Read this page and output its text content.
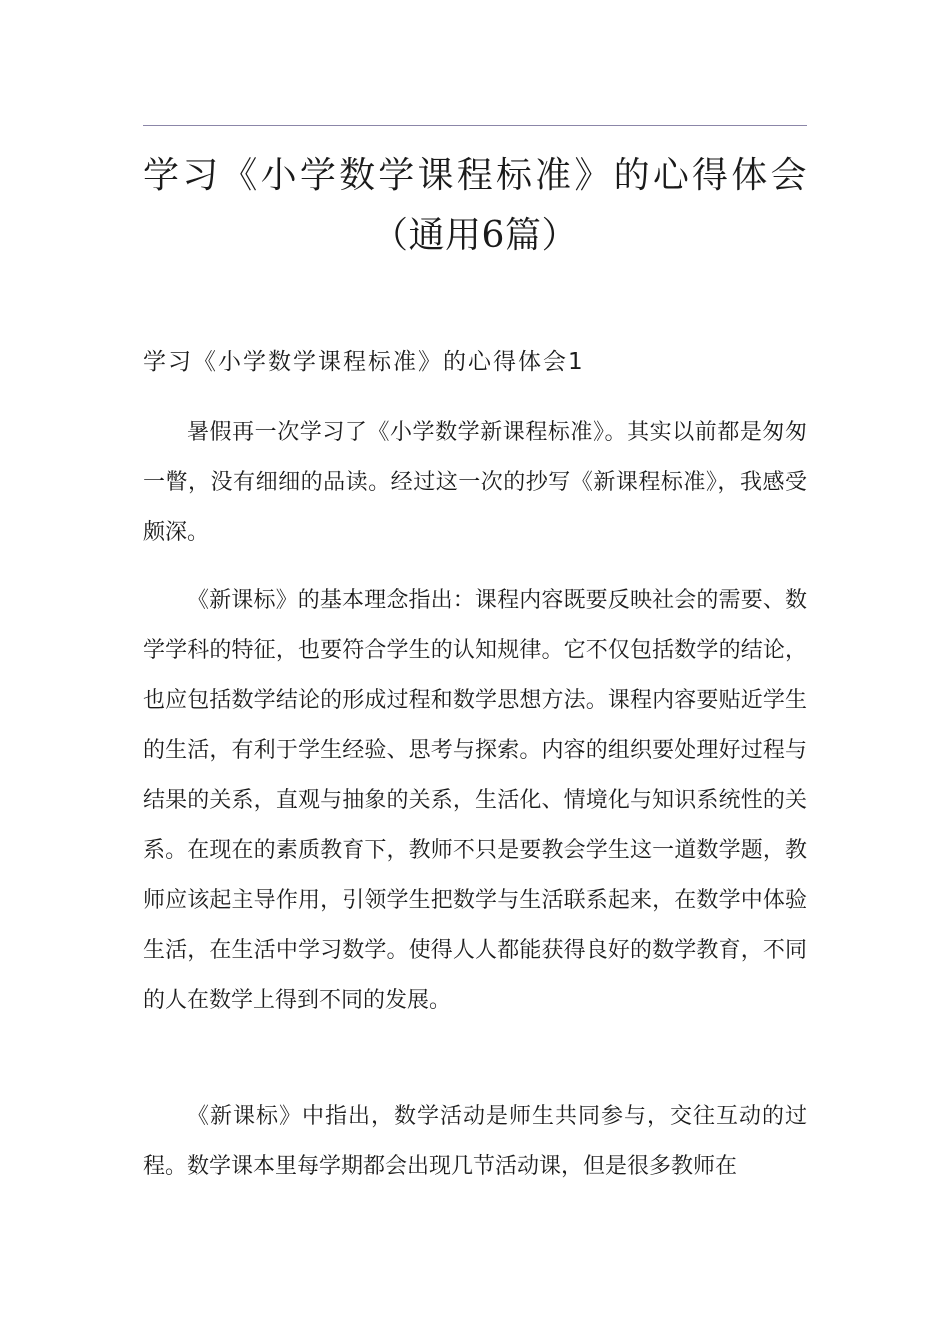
学习《小学数学课程标准》的心得体会（通用6篇）
学习《小学数学课程标准》的心得体会1

暑假再一次学习了《小学数学新课程标准》。其实以前都是匆匆一瞥，没有细细的品读。经过这一次的抄写《新课程标准》，我感受颇深。

《新课标》的基本理念指出：课程内容既要反映社会的需要、数学学科的特征，也要符合学生的认知规律。它不仅包括数学的结论，也应包括数学结论的形成过程和数学思想方法。课程内容要贴近学生的生活，有利于学生经验、思考与探索。内容的组织要处理好过程与结果的关系，直观与抽象的关系，生活化、情境化与知识系统性的关系。在现在的素质教育下，教师不只是要教会学生这一道数学题，教师应该起主导作用，引领学生把数学与生活联系起来，在数学中体验生活，在生活中学习数学。使得人人都能获得良好的数学教育，不同的人在数学上得到不同的发展。

《新课标》中指出，数学活动是师生共同参与，交往互动的过程。数学课本里每学期都会出现几节活动课，但是很多教师在
